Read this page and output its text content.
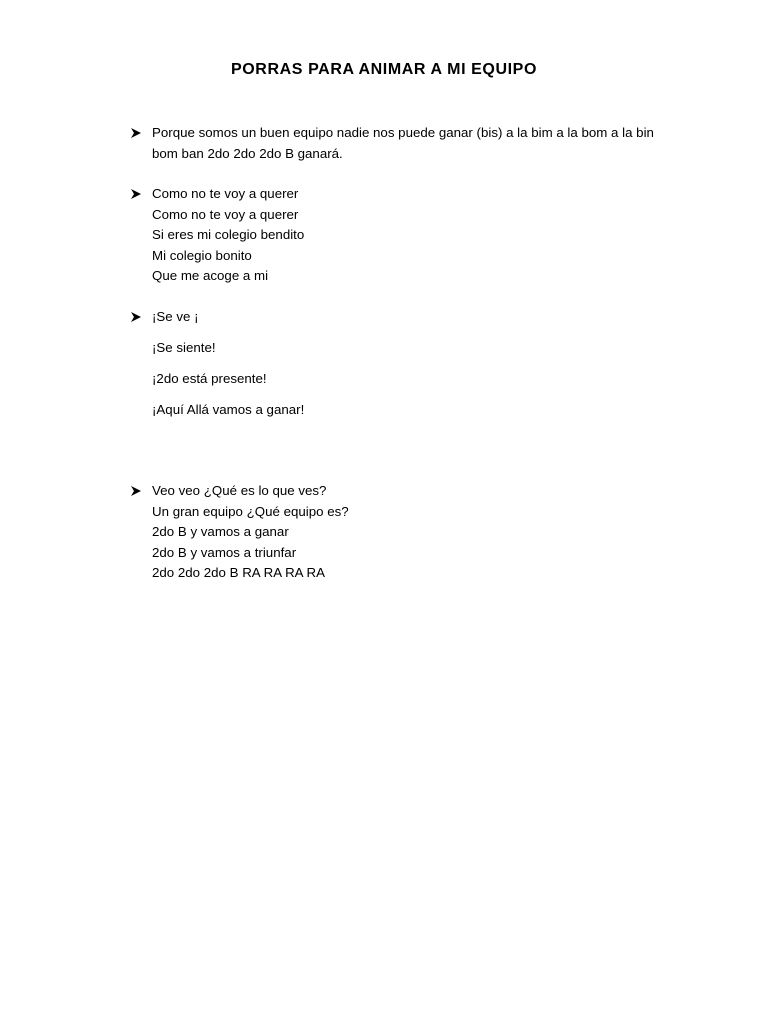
PORRAS PARA ANIMAR A MI EQUIPO
Porque somos un buen equipo nadie nos puede ganar (bis) a la bim a la bom a la bin bom ban 2do 2do 2do B ganará.
Como no te voy a querer
Como no te voy a querer
Si eres mi colegio bendito
Mi colegio bonito
Que me acoge a mi
¡Se ve ¡
¡Se siente!
¡2do está presente!
¡Aquí Allá vamos a ganar!
Veo veo ¿Qué es lo que ves?
Un gran equipo ¿Qué equipo es?
2do B y vamos a ganar
2do B y vamos a triunfar
2do 2do 2do B RA RA RA RA
